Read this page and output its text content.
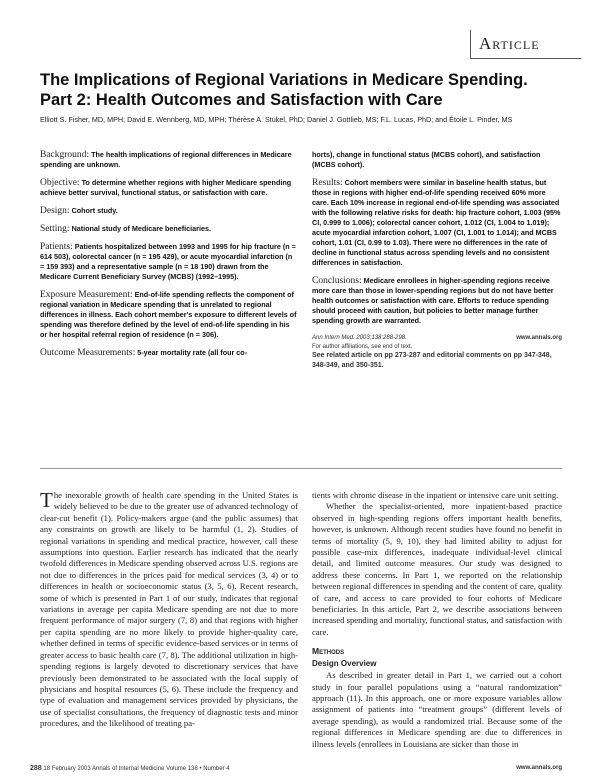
Article
The Implications of Regional Variations in Medicare Spending. Part 2: Health Outcomes and Satisfaction with Care
Elliott S. Fisher, MD, MPH; David E. Wennberg, MD, MPH; Thérèse A. Stukel, PhD; Daniel J. Gottlieb, MS; F.L. Lucas, PhD; and Étoile L. Pinder, MS

Background: The health implications of regional differences in Medicare spending are unknown.

Objective: To determine whether regions with higher Medicare spending achieve better survival, functional status, or satisfaction with care.

Design: Cohort study.

Setting: National study of Medicare beneficiaries.

Patients: Patients hospitalized between 1993 and 1995 for hip fracture (n = 614 503), colorectal cancer (n = 195 429), or acute myocardial infarction (n = 159 393) and a representative sample (n = 18 190) drawn from the Medicare Current Beneficiary Survey (MCBS) (1992–1995).

Exposure Measurement: End-of-life spending reflects the component of regional variation in Medicare spending that is unrelated to regional differences in illness. Each cohort member's exposure to different levels of spending was therefore defined by the level of end-of-life spending in his or her hospital referral region of residence (n = 306).

Outcome Measurements: 5-year mortality rate (all four co-

horts), change in functional status (MCBS cohort), and satisfaction (MCBS cohort).

Results: Cohort members were similar in baseline health status, but those in regions with higher end-of-life spending received 60% more care. Each 10% increase in regional end-of-life spending was associated with the following relative risks for death: hip fracture cohort, 1.003 (95% CI, 0.999 to 1.006); colorectal cancer cohort, 1.012 (CI, 1.004 to 1.019); acute myocardial infarction cohort, 1.007 (CI, 1.001 to 1.014); and MCBS cohort, 1.01 (CI, 0.99 to 1.03). There were no differences in the rate of decline in functional status across spending levels and no consistent differences in satisfaction.

Conclusions: Medicare enrollees in higher-spending regions receive more care than those in lower-spending regions but do not have better health outcomes or satisfaction with care. Efforts to reduce spending should proceed with caution, but policies to better manage further spending growth are warranted.

Ann Intern Med. 2003;138:288-298.	www.annals.org
For author affiliations, see end of text.
See related article on pp 273-287 and editorial comments on pp 347-348, 348-349, and 350-351.

The inexorable growth of health care spending in the United States is widely believed to be due to the greater use of advanced technology of clear-cut benefit (1). Policy-makers argue (and the public assumes) that any constraints on growth are likely to be harmful (1, 2). Studies of regional variations in spending and medical practice, however, call these assumptions into question. Earlier research has indicated that the nearly twofold differences in Medicare spending observed across U.S. regions are not due to differences in the prices paid for medical services (3, 4) or to differences in health or socioeconomic status (3, 5, 6). Recent research, some of which is presented in Part 1 of our study, indicates that regional variations in average per capita Medicare spending are not due to more frequent performance of major surgery (7, 8) and that regions with higher per capita spending are no more likely to provide higher-quality care, whether defined in terms of specific evidence-based services or in terms of greater access to basic health care (7, 8). The additional utilization in high-spending regions is largely devoted to discretionary services that have previously been demonstrated to be associated with the local supply of physicians and hospital resources (5, 6). These include the frequency and type of evaluation and management services provided by physicians, the use of specialist consultations, the frequency of diagnostic tests and minor procedures, and the likelihood of treating pa-

tients with chronic disease in the inpatient or intensive care unit setting.

Whether the specialist-oriented, more inpatient-based practice observed in high-spending regions offers important health benefits, however, is unknown. Although recent studies have found no benefit in terms of mortality (5, 9, 10), they had limited ability to adjust for possible case-mix differences, inadequate individual-level clinical detail, and limited outcome measures. Our study was designed to address these concerns. In Part 1, we reported on the relationship between regional differences in spending and the content of care, quality of care, and access to care provided to four cohorts of Medicare beneficiaries. In this article, Part 2, we describe associations between increased spending and mortality, functional status, and satisfaction with care.

Methods
Design Overview

As described in greater detail in Part 1, we carried out a cohort study in four parallel populations using a “natural randomization” approach (11). In this approach, one or more exposure variables allow assignment of patients into “treatment groups” (different levels of average spending), as would a randomized trial. Because some of the regional differences in Medicare spending are due to differences in illness levels (enrollees in Louisiana are sicker than those in

288 18 February 2003 Annals of Internal Medicine Volume 138 • Number 4	www.annals.org
